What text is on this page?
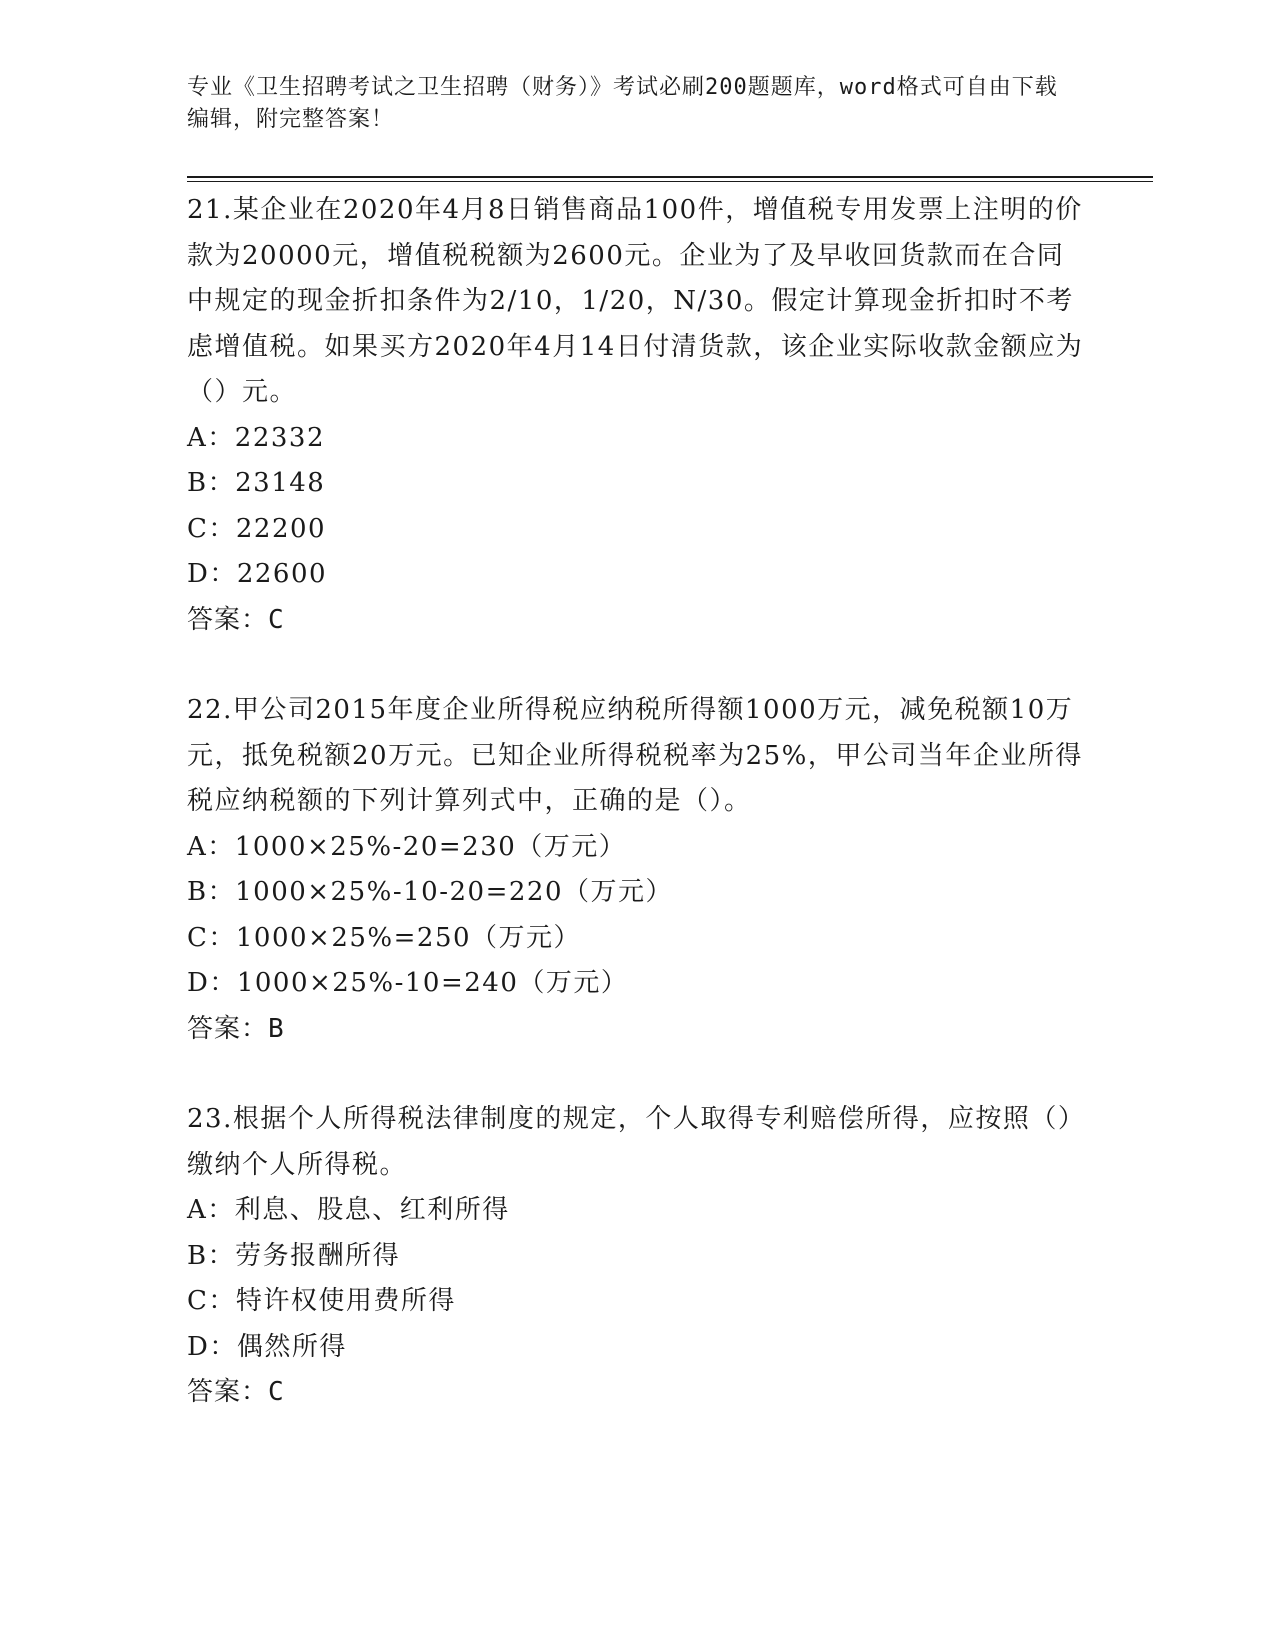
专业《卫生招聘考试之卫生招聘（财务）》考试必刷200题题库，word格式可自由下载编辑，附完整答案！

21.某企业在2020年4月8日销售商品100件，增值税专用发票上注明的价款为20000元，增值税税额为2600元。企业为了及早收回货款而在合同中规定的现金折扣条件为2/10，1/20，N/30。假定计算现金折扣时不考虑增值税。如果买方2020年4月14日付清货款，该企业实际收款金额应为（）元。

A：22332

B：23148

C：22200

D：22600

答案：C

22.甲公司2015年度企业所得税应纳税所得额1000万元，减免税额10万元，抵免税额20万元。已知企业所得税税率为25%，甲公司当年企业所得税应纳税额的下列计算列式中，正确的是（）。

A：1000×25%-20=230（万元）

B：1000×25%-10-20=220（万元）

C：1000×25%=250（万元）

D：1000×25%-10=240（万元）

答案：B

23.根据个人所得税法律制度的规定，个人取得专利赔偿所得，应按照（）缴纳个人所得税。

A：利息、股息、红利所得

B：劳务报酬所得

C：特许权使用费所得

D：偶然所得

答案：C
